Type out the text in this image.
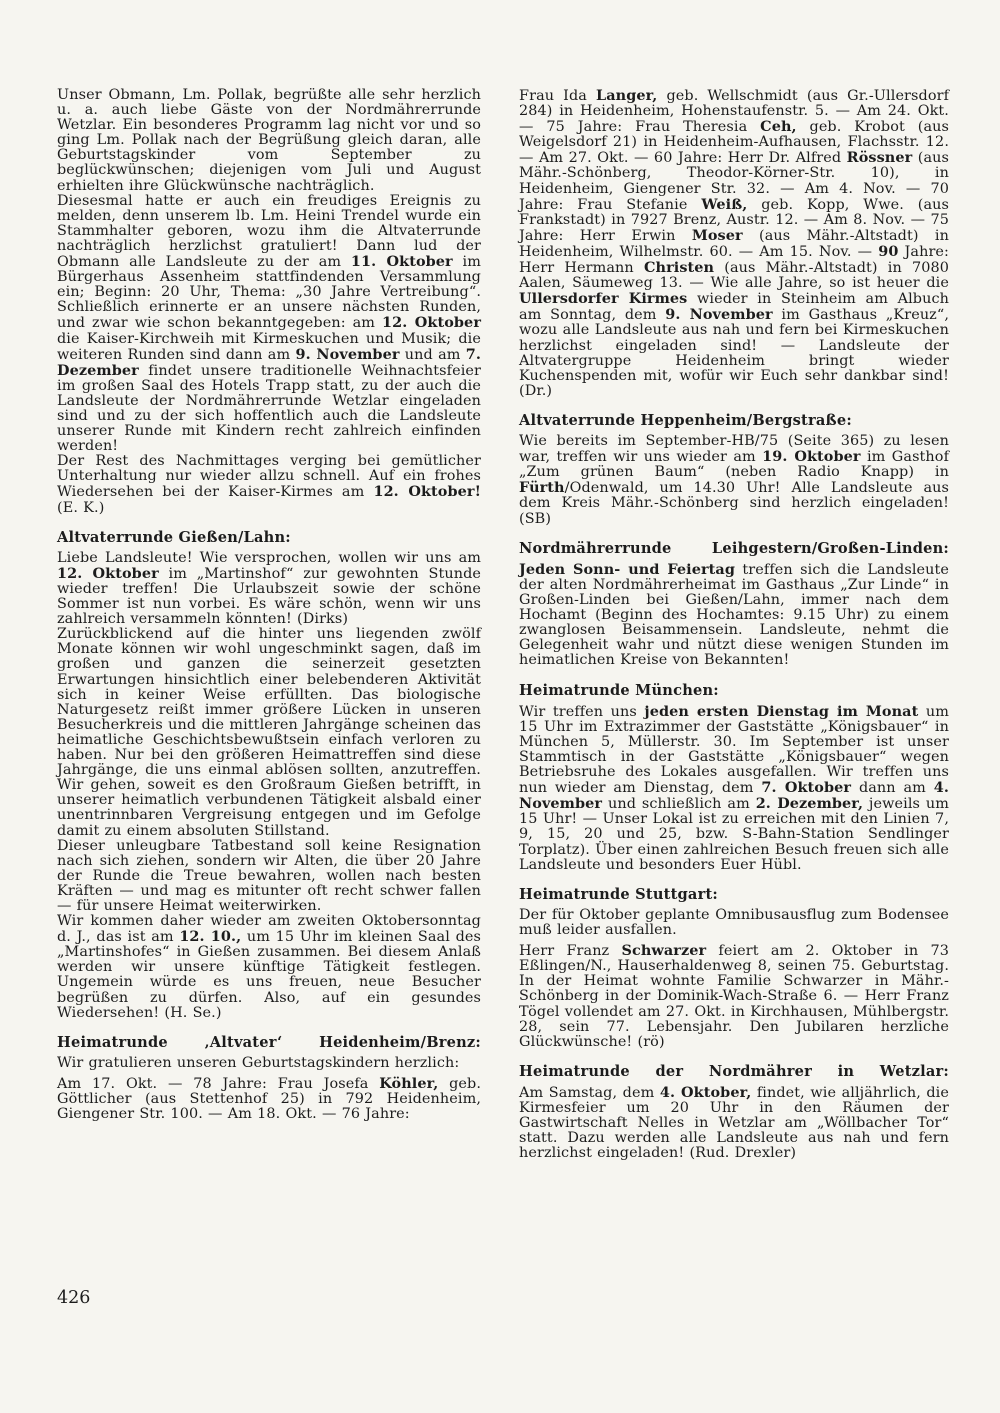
Unser Obmann, Lm. Pollak, begrüßte alle sehr herzlich u. a. auch liebe Gäste von der Nordmährerrunde Wetzlar. Ein besonderes Programm lag nicht vor und so ging Lm. Pollak nach der Begrüßung gleich daran, alle Geburtstagskinder vom September zu beglückwünschen; diejenigen vom Juli und August erhielten ihre Glückwünsche nachträglich.

Diesesmal hatte er auch ein freudiges Ereignis zu melden, denn unserem lb. Lm. Heini Trendel wurde ein Stammhalter geboren, wozu ihm die Altvaterrunde nachträglich herzlichst gratuliert! Dann lud der Obmann alle Landsleute zu der am 11. Oktober im Bürgerhaus Assenheim stattfindenden Versammlung ein; Beginn: 20 Uhr, Thema: „30 Jahre Vertreibung“. Schließlich erinnerte er an unsere nächsten Runden, und zwar wie schon bekanntgegeben: am 12. Oktober die Kaiser-Kirchweih mit Kirmeskuchen und Musik; die weiteren Runden sind dann am 9. November und am 7. Dezember findet unsere traditionelle Weihnachtsfeier im großen Saal des Hotels Trapp statt, zu der auch die Landsleute der Nordmährerrunde Wetzlar eingeladen sind und zu der sich hoffentlich auch die Landsleute unserer Runde mit Kindern recht zahlreich einfinden werden!

Der Rest des Nachmittages verging bei gemütlicher Unterhaltung nur wieder allzu schnell. Auf ein frohes Wiedersehen bei der Kaiser-Kirmes am 12. Oktober! (E. K.)

Altvaterrunde Gießen/Lahn:

Liebe Landsleute! Wie versprochen, wollen wir uns am 12. Oktober im „Martinshof“ zur gewohnten Stunde wieder treffen! Die Urlaubszeit sowie der schöne Sommer ist nun vorbei. Es wäre schön, wenn wir uns zahlreich versammeln könnten! (Dirks)

Zurückblickend auf die hinter uns liegenden zwölf Monate können wir wohl ungeschminkt sagen, daß im großen und ganzen die seinerzeit gesetzten Erwartungen hinsichtlich einer belebenderen Aktivität sich in keiner Weise erfüllten. Das biologische Naturgesetz reißt immer größere Lücken in unseren Besucherkreis und die mittleren Jahrgänge scheinen das heimatliche Geschichtsbewußtsein einfach verloren zu haben. Nur bei den größeren Heimattreffen sind diese Jahrgänge, die uns einmal ablösen sollten, anzutreffen. Wir gehen, soweit es den Großraum Gießen betrifft, in unserer heimatlich verbundenen Tätigkeit alsbald einer unentrinnbaren Vergreisung entgegen und im Gefolge damit zu einem absoluten Stillstand.

Dieser unleugbare Tatbestand soll keine Resignation nach sich ziehen, sondern wir Alten, die über 20 Jahre der Runde die Treue bewahren, wollen nach besten Kräften — und mag es mitunter oft recht schwer fallen — für unsere Heimat weiterwirken.

Wir kommen daher wieder am zweiten Oktobersonntag d. J., das ist am 12. 10., um 15 Uhr im kleinen Saal des „Martinshofes“ in Gießen zusammen. Bei diesem Anlaß werden wir unsere künftige Tätigkeit festlegen. Ungemein würde es uns freuen, neue Besucher begrüßen zu dürfen. Also, auf ein gesundes Wiedersehen! (H. Se.)

Heimatrunde ‚Altvater‘ Heidenheim/Brenz:

Wir gratulieren unseren Geburtstagskindern herzlich:

Am 17. Okt. — 78 Jahre: Frau Josefa Köhler, geb. Göttlicher (aus Stettenhof 25) in 792 Heidenheim, Giengener Str. 100. — Am 18. Okt. — 76 Jahre:

Frau Ida Langer, geb. Wellschmidt (aus Gr.-Ullersdorf 284) in Heidenheim, Hohenstaufenstr. 5. — Am 24. Okt. — 75 Jahre: Frau Theresia Ceh, geb. Krobot (aus Weigelsdorf 21) in Heidenheim-Aufhausen, Flachsstr. 12. — Am 27. Okt. — 60 Jahre: Herr Dr. Alfred Rössner (aus Mähr.-Schönberg, Theodor-Körner-Str. 10), in Heidenheim, Giengener Str. 32. — Am 4. Nov. — 70 Jahre: Frau Stefanie Weiß, geb. Kopp, Wwe. (aus Frankstadt) in 7927 Brenz, Austr. 12. — Am 8. Nov. — 75 Jahre: Herr Erwin Moser (aus Mähr.-Altstadt) in Heidenheim, Wilhelmstr. 60. — Am 15. Nov. — 90 Jahre: Herr Hermann Christen (aus Mähr.-Altstadt) in 7080 Aalen, Säumeweg 13. — Wie alle Jahre, so ist heuer die Ullersdorfer Kirmes wieder in Steinheim am Albuch am Sonntag, dem 9. November im Gasthaus „Kreuz“, wozu alle Landsleute aus nah und fern bei Kirmeskuchen herzlichst eingeladen sind! — Landsleute der Altvatergruppe Heidenheim bringt wieder Kuchenspenden mit, wofür wir Euch sehr dankbar sind! (Dr.)

Altvaterrunde Heppenheim/Bergstraße:

Wie bereits im September-HB/75 (Seite 365) zu lesen war, treffen wir uns wieder am 19. Oktober im Gasthof „Zum grünen Baum“ (neben Radio Knapp) in Fürth/Odenwald, um 14.30 Uhr! Alle Landsleute aus dem Kreis Mähr.-Schönberg sind herzlich eingeladen! (SB)

Nordmährerrunde Leihgestern/Großen-Linden:

Jeden Sonn- und Feiertag treffen sich die Landsleute der alten Nordmährerheimat im Gasthaus „Zur Linde“ in Großen-Linden bei Gießen/Lahn, immer nach dem Hochamt (Beginn des Hochamtes: 9.15 Uhr) zu einem zwanglosen Beisammensein. Landsleute, nehmt die Gelegenheit wahr und nützt diese wenigen Stunden im heimatlichen Kreise von Bekannten!

Heimatrunde München:

Wir treffen uns jeden ersten Dienstag im Monat um 15 Uhr im Extrazimmer der Gaststätte „Königsbauer“ in München 5, Müllerstr. 30. Im September ist unser Stammtisch in der Gaststätte „Königsbauer“ wegen Betriebsruhe des Lokales ausgefallen. Wir treffen uns nun wieder am Dienstag, dem 7. Oktober dann am 4. November und schließlich am 2. Dezember, jeweils um 15 Uhr! — Unser Lokal ist zu erreichen mit den Linien 7, 9, 15, 20 und 25, bzw. S-Bahn-Station Sendlinger Torplatz). Über einen zahlreichen Besuch freuen sich alle Landsleute und besonders Euer Hübl.

Heimatrunde Stuttgart:

Der für Oktober geplante Omnibusausflug zum Bodensee muß leider ausfallen.

Herr Franz Schwarzer feiert am 2. Oktober in 73 Eßlingen/N., Hauserhaldenweg 8, seinen 75. Geburtstag. In der Heimat wohnte Familie Schwarzer in Mähr.-Schönberg in der Dominik-Wach-Straße 6. — Herr Franz Tögel vollendet am 27. Okt. in Kirchhausen, Mühlbergstr. 28, sein 77. Lebensjahr. Den Jubilaren herzliche Glückwünsche! (rö)

Heimatrunde der Nordmährer in Wetzlar:

Am Samstag, dem 4. Oktober, findet, wie alljährlich, die Kirmesfeier um 20 Uhr in den Räumen der Gastwirtschaft Nelles in Wetzlar am „Wöllbacher Tor“ statt. Dazu werden alle Landsleute aus nah und fern herzlichst eingeladen! (Rud. Drexler)

426
